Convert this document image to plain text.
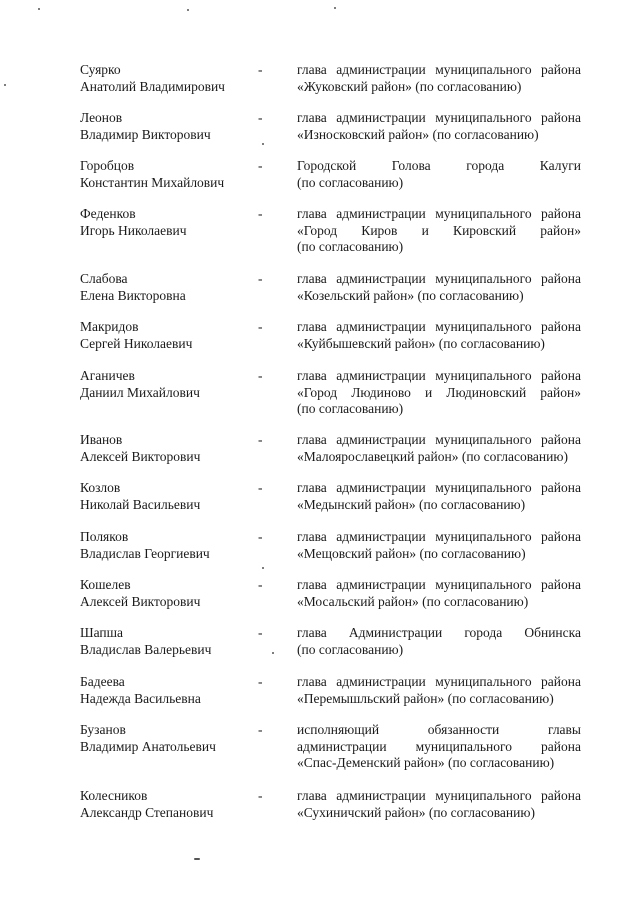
Суярко
Анатолий Владимирович
-	глава администрации муниципального района
«Жуковский район» (по согласованию)
Леонов
Владимир Викторович
-	глава администрации муниципального района
«Износковский район» (по согласованию)
Горобцов
Константин Михайлович
-	Городской Голова города Калуги
(по согласованию)
Феденков
Игорь Николаевич
-	глава администрации муниципального района
«Город Киров и Кировский район»
(по согласованию)
Слабова
Елена Викторовна
-	глава администрации муниципального района
«Козельский район» (по согласованию)
Макридов
Сергей Николаевич
-	глава администрации муниципального района
«Куйбышевский район» (по согласованию)
Аганичев
Даниил Михайлович
-	глава администрации муниципального района
«Город Людиново и Людиновский район»
(по согласованию)
Иванов
Алексей Викторович
-	глава администрации муниципального района
«Малоярославецкий район» (по согласованию)
Козлов
Николай Васильевич
-	глава администрации муниципального района
«Медынский район» (по согласованию)
Поляков
Владислав Георгиевич
-	глава администрации муниципального района
«Мещовский район» (по согласованию)
Кошелев
Алексей Викторович
-	глава администрации муниципального района
«Мосальский район» (по согласованию)
Шапша
Владислав Валерьевич
-	глава Администрации города Обнинска
(по согласованию)
Бадеева
Надежда Васильевна
-	глава администрации муниципального района
«Перемышльский район» (по согласованию)
Бузанов
Владимир Анатольевич
-	исполняющий обязанности главы
администрации муниципального района
«Спас-Деменский район» (по согласованию)
Колесников
Александр Степанович
-	глава администрации муниципального района
«Сухиничский район» (по согласованию)
